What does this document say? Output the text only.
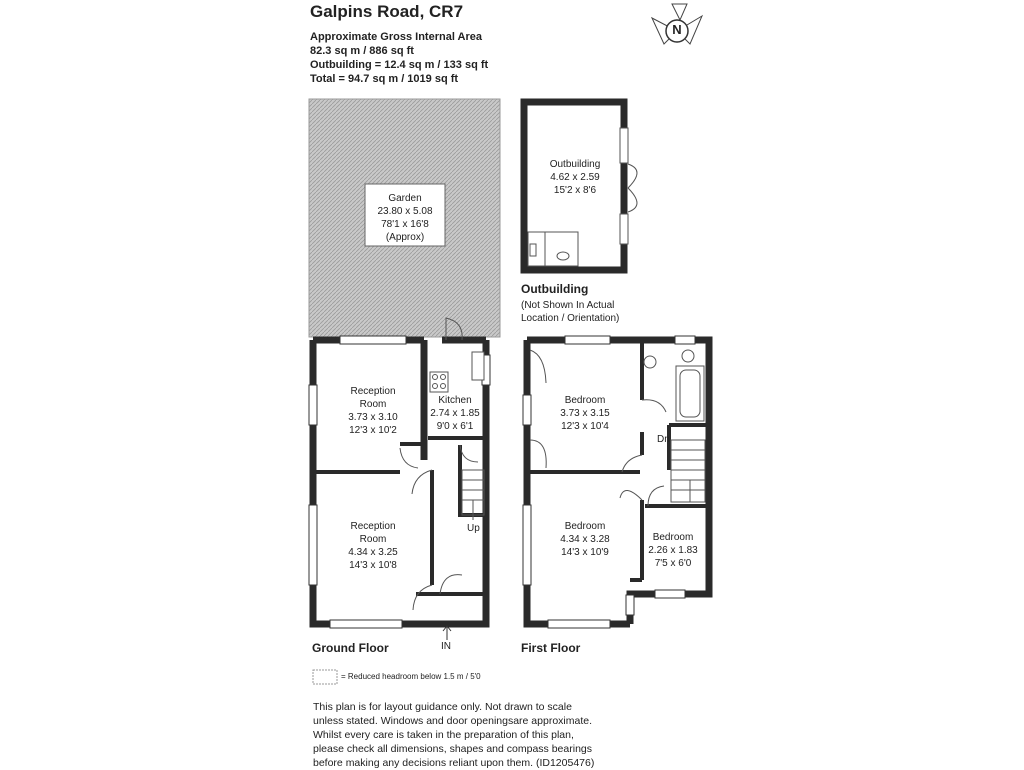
Galpins Road, CR7
Approximate Gross Internal Area
82.3 sq m / 886 sq ft
Outbuilding = 12.4 sq m / 133 sq ft
Total = 94.7 sq m / 1019 sq ft
N
Garden
23.80 x 5.08
78'1 x 16'8
(Approx)
Reception
Room
3.73 x 3.10
12'3 x 10'2
Kitchen
2.74 x 1.85
9'0 x 6'1
Reception
Room
4.34 x 3.25
14'3 x 10'8
Outbuilding
4.62 x 2.59
15'2 x 8'6
Bedroom
3.73 x 3.15
12'3 x 10'4
Bedroom
4.34 x 3.28
14'3 x 10'9
Bedroom
2.26 x 1.83
7'5 x 6'0
Up
Dn
IN
Ground Floor	First Floor
Outbuilding
(Not Shown In Actual
Location / Orientation)
= Reduced headroom below 1.5 m / 5'0
This plan is for layout guidance only. Not drawn to scale
unless stated. Windows and door openingsare approximate.
Whilst every care is taken in the preparation of this plan,
please check all dimensions, shapes and compass bearings
before making any decisions reliant upon them. (ID1205476)
